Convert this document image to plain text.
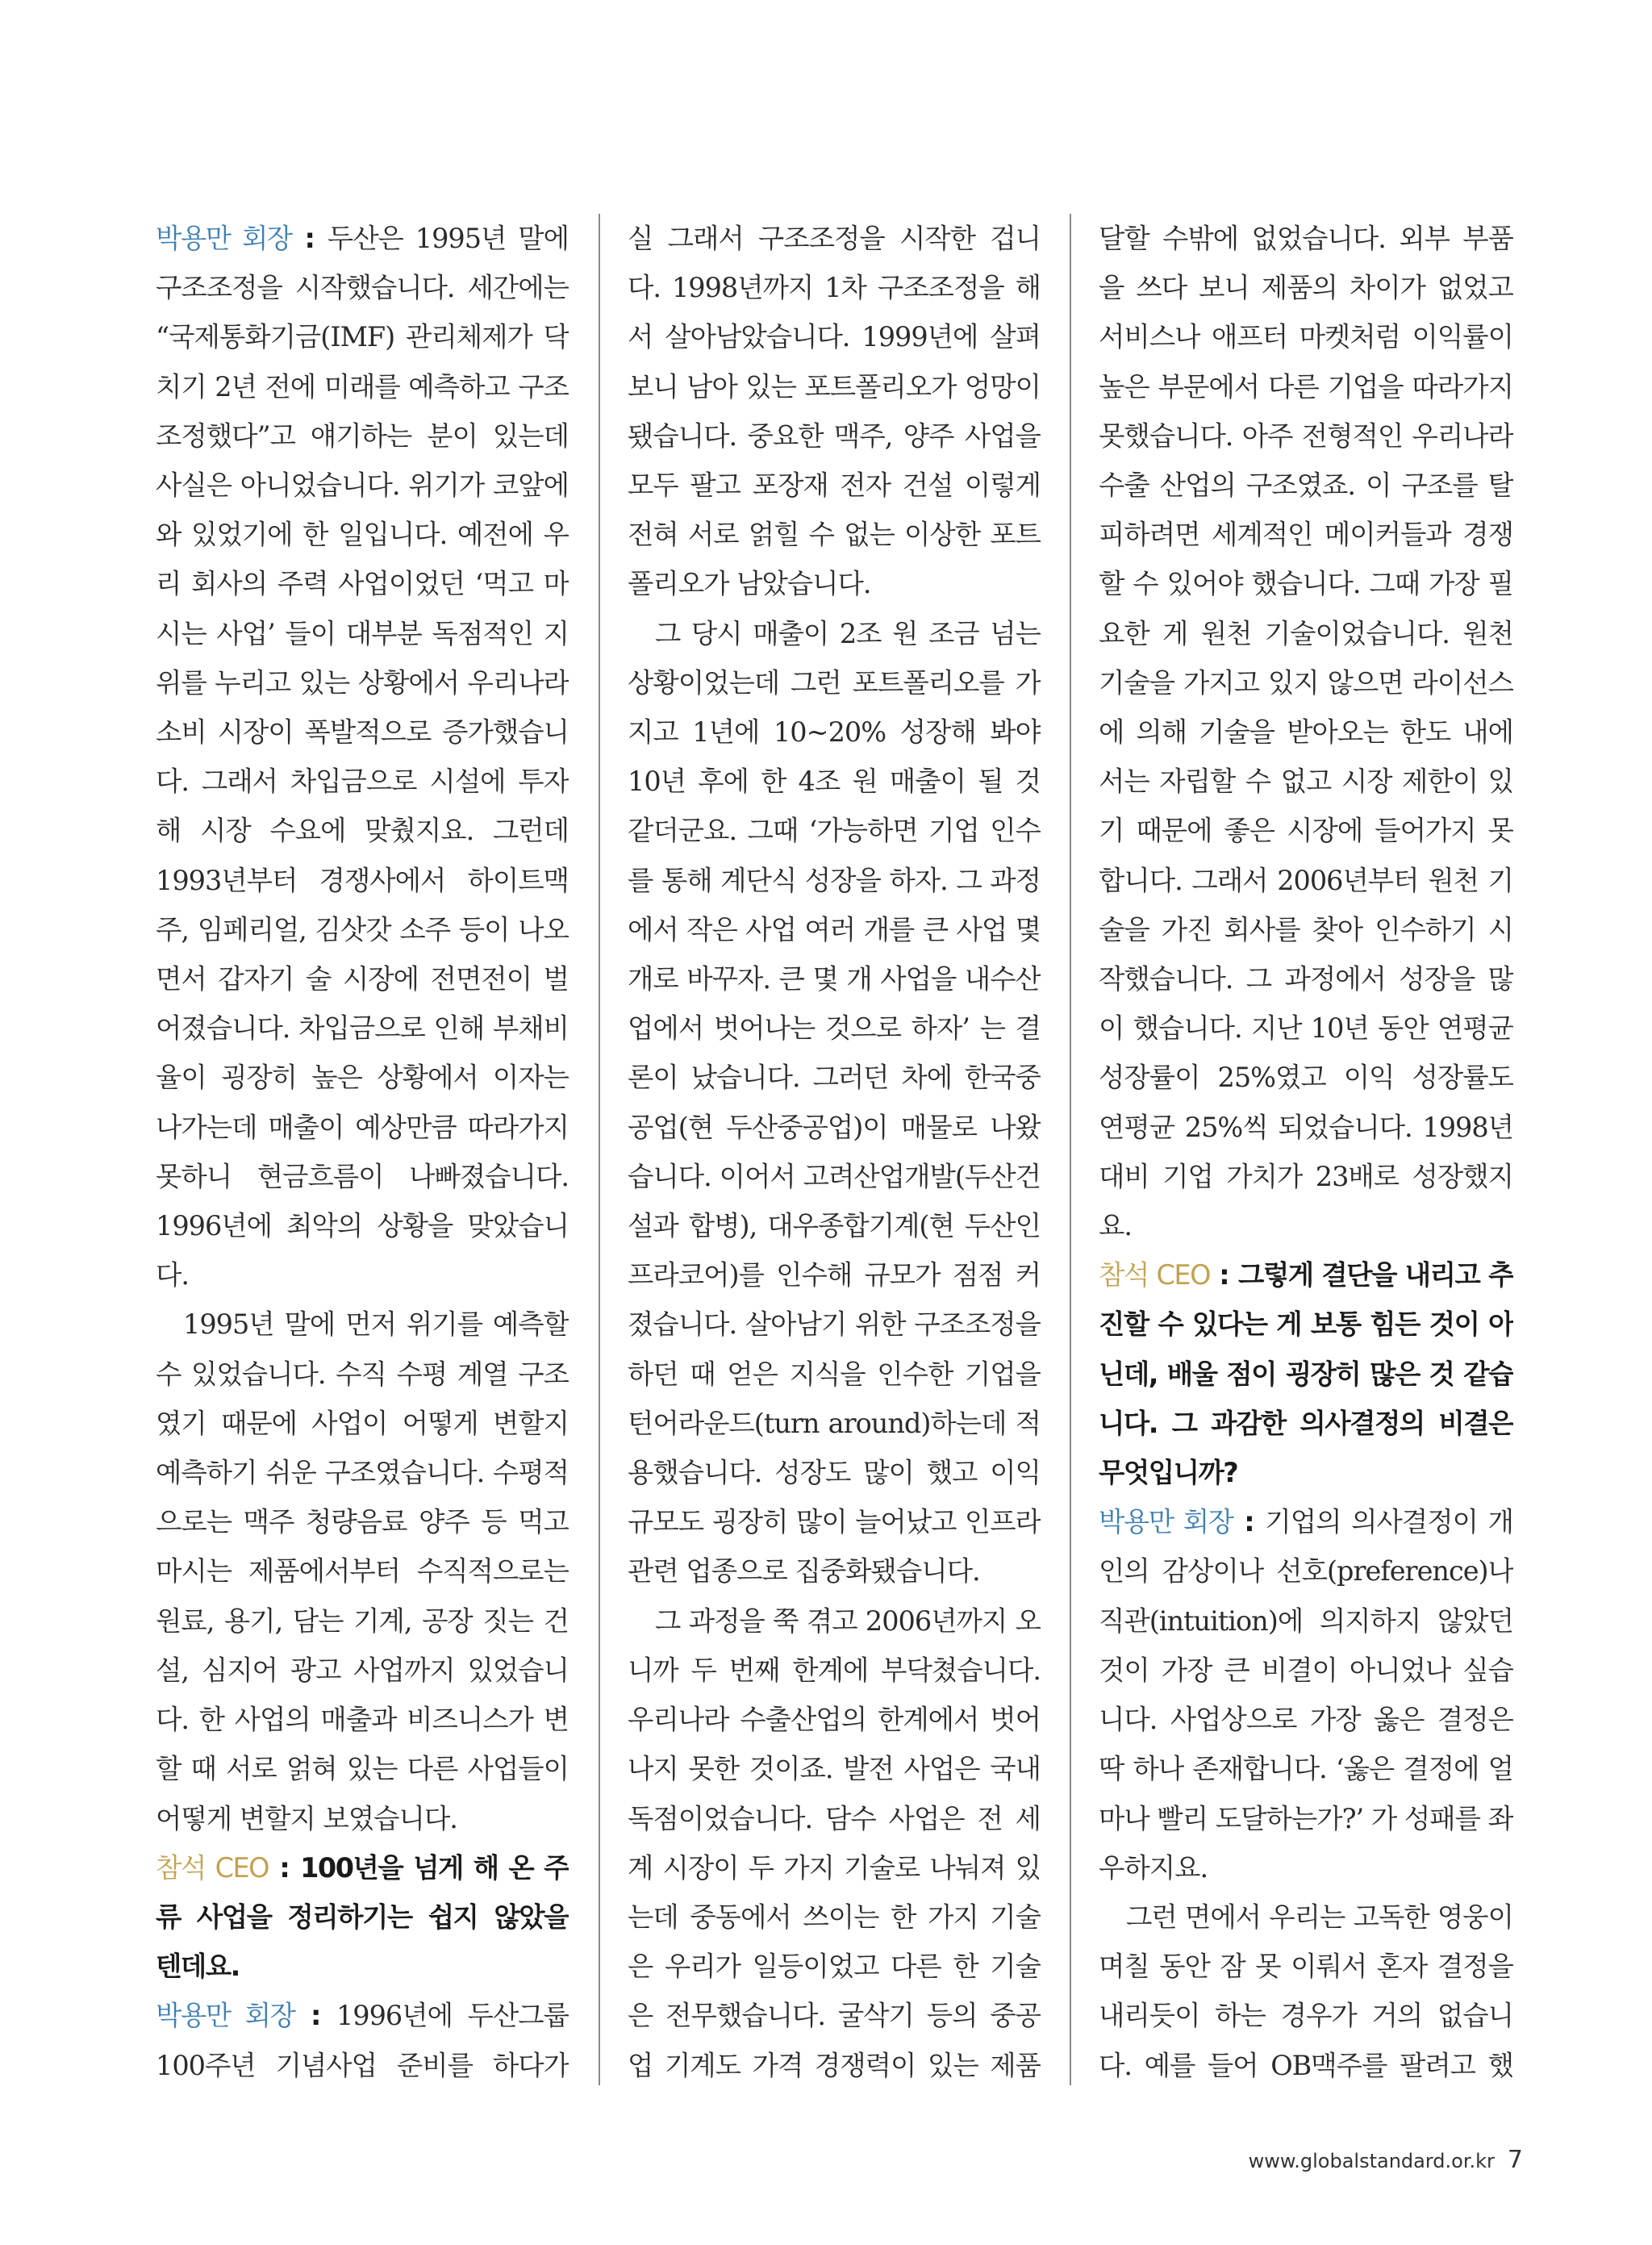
박용만 회장 : 두산은 1995년 말에 구조조정을 시작했습니다. 세간에는 “국제통화기금(IMF) 관리체제가 닥치기 2년 전에 미래를 예측하고 구조조정했다”고 얘기하는 분이 있는데 사실은 아니었습니다. 위기가 코앞에 와 있었기에 한 일입니다. 예전에 우리 회사의 주력 사업이었던 ‘먹고 마시는 사업’ 들이 대부분 독점적인 지위를 누리고 있는 상황에서 우리나라 소비 시장이 폭발적으로 증가했습니다. 그래서 차입금으로 시설에 투자해 시장 수요에 맞췄지요. 그런데 1993년부터 경쟁사에서 하이트맥주, 임페리얼, 김삿갓 소주 등이 나오면서 갑자기 술 시장에 전면전이 벌어졌습니다. 차입금으로 인해 부채비율이 굉장히 높은 상황에서 이자는 나가는데 매출이 예상만큼 따라가지 못하니 현금흐름이 나빠졌습니다. 1996년에 최악의 상황을 맞았습니다.

1995년 말에 먼저 위기를 예측할 수 있었습니다. 수직 수평 계열 구조였기 때문에 사업이 어떻게 변할지 예측하기 쉬운 구조였습니다. 수평적으로는 맥주 청량음료 양주 등 먹고 마시는 제품에서부터 수직적으로는 원료, 용기, 담는 기계, 공장 짓는 건설, 심지어 광고 사업까지 있었습니다. 한 사업의 매출과 비즈니스가 변할 때 서로 얽혀 있는 다른 사업들이 어떻게 변할지 보였습니다.

참석 CEO : 100년을 넘게 해 온 주류 사업을 정리하기는 쉽지 않았을 텐데요.

박용만 회장 : 1996년에 두산그룹 100주년 기념사업 준비를 하다가

실 그래서 구조조정을 시작한 겁니다. 1998년까지 1차 구조조정을 해서 살아남았습니다. 1999년에 살펴보니 남아 있는 포트폴리오가 엉망이 됐습니다. 중요한 맥주, 양주 사업을 모두 팔고 포장재 전자 건설 이렇게 전혀 서로 얽힐 수 없는 이상한 포트폴리오가 남았습니다.

그 당시 매출이 2조 원 조금 넘는 상황이었는데 그런 포트폴리오를 가지고 1년에 10~20% 성장해 봐야 10년 후에 한 4조 원 매출이 될 것 같더군요. 그때 ‘가능하면 기업 인수를 통해 계단식 성장을 하자. 그 과정에서 작은 사업 여러 개를 큰 사업 몇 개로 바꾸자. 큰 몇 개 사업을 내수산업에서 벗어나는 것으로 하자’ 는 결론이 났습니다. 그러던 차에 한국중공업(현 두산중공업)이 매물로 나왔습니다. 이어서 고려산업개발(두산건설과 합병), 대우종합기계(현 두산인프라코어)를 인수해 규모가 점점 커졌습니다. 살아남기 위한 구조조정을 하던 때 얻은 지식을 인수한 기업을 턴어라운드(turn around)하는데 적용했습니다. 성장도 많이 했고 이익 규모도 굉장히 많이 늘어났고 인프라 관련 업종으로 집중화됐습니다.

그 과정을 쭉 겪고 2006년까지 오니까 두 번째 한계에 부닥쳤습니다. 우리나라 수출산업의 한계에서 벗어나지 못한 것이죠. 발전 사업은 국내 독점이었습니다. 담수 사업은 전 세계 시장이 두 가지 기술로 나눠져 있는데 중동에서 쓰이는 한 가지 기술은 우리가 일등이었고 다른 한 기술은 전무했습니다. 굴삭기 등의 중공업 기계도 가격 경쟁력이 있는 제품

달할 수밖에 없었습니다. 외부 부품을 쓰다 보니 제품의 차이가 없었고 서비스나 애프터 마켓처럼 이익률이 높은 부문에서 다른 기업을 따라가지 못했습니다. 아주 전형적인 우리나라 수출 산업의 구조였죠. 이 구조를 탈피하려면 세계적인 메이커들과 경쟁할 수 있어야 했습니다. 그때 가장 필요한 게 원천 기술이었습니다. 원천 기술을 가지고 있지 않으면 라이선스에 의해 기술을 받아오는 한도 내에서는 자립할 수 없고 시장 제한이 있기 때문에 좋은 시장에 들어가지 못합니다. 그래서 2006년부터 원천 기술을 가진 회사를 찾아 인수하기 시작했습니다. 그 과정에서 성장을 많이 했습니다. 지난 10년 동안 연평균 성장률이 25%였고 이익 성장률도 연평균 25%씩 되었습니다. 1998년 대비 기업 가치가 23배로 성장했지요.

참석 CEO : 그렇게 결단을 내리고 추진할 수 있다는 게 보통 힘든 것이 아닌데, 배울 점이 굉장히 많은 것 같습니다. 그 과감한 의사결정의 비결은 무엇입니까?

박용만 회장 : 기업의 의사결정이 개인의 감상이나 선호(preference)나 직관(intuition)에 의지하지 않았던 것이 가장 큰 비결이 아니었나 싶습니다. 사업상으로 가장 옳은 결정은 딱 하나 존재합니다. ‘옳은 결정에 얼마나 빨리 도달하는가?’ 가 성패를 좌우하지요.

그런 면에서 우리는 고독한 영웅이 며칠 동안 잠 못 이뤄서 혼자 결정을 내리듯이 하는 경우가 거의 없습니다. 예를 들어 OB맥주를 팔려고 했

www.globalstandard.or.kr 7
